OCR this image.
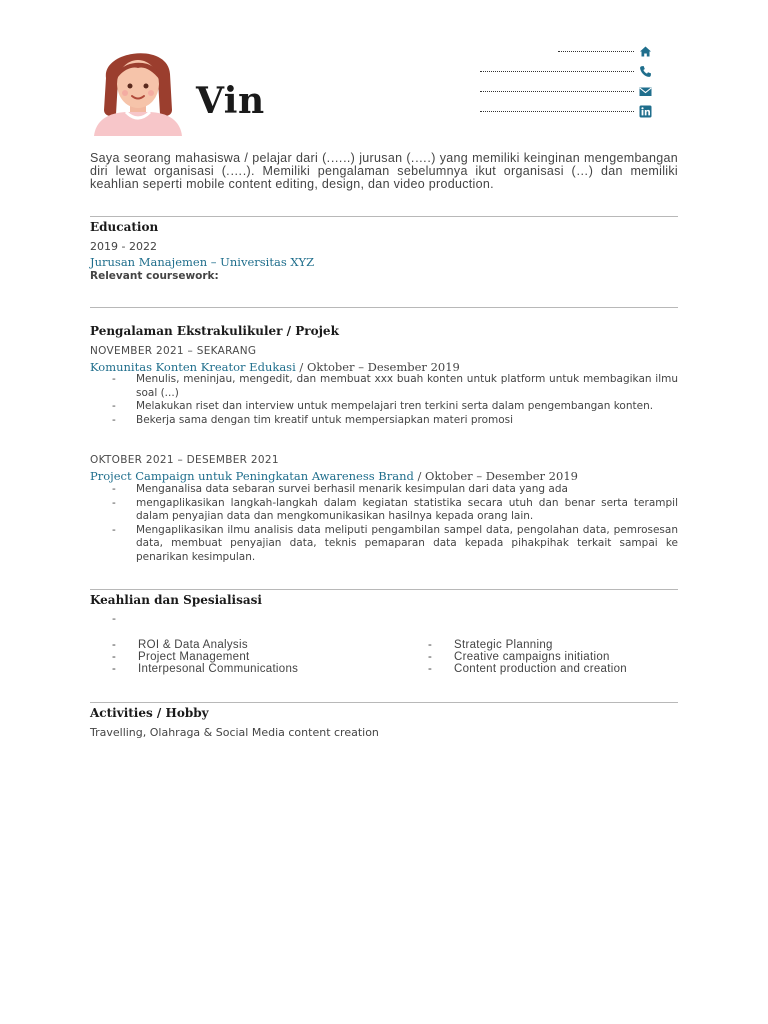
Vin
Saya seorang mahasiswa / pelajar dari (.…..) jurusan (.….) yang memiliki keinginan mengembangan diri lewat organisasi (.….). Memiliki pengalaman sebelumnya ikut organisasi (…) dan memiliki keahlian seperti mobile content editing, design, dan video production.
Education
2019 - 2022
Jurusan Manajemen – Universitas XYZ
Relevant coursework:
Pengalaman Ekstrakulikuler / Projek
NOVEMBER 2021 – SEKARANG
Komunitas Konten Kreator Edukasi / Oktober – Desember 2019
- Menulis, meninjau, mengedit, dan membuat xxx buah konten untuk platform untuk membagikan ilmu soal (...)
- Melakukan riset dan interview untuk mempelajari tren terkini serta dalam pengembangan konten.
- Bekerja sama dengan tim kreatif untuk mempersiapkan materi promosi
OKTOBER 2021 – DESEMBER 2021
Project Campaign untuk Peningkatan Awareness Brand / Oktober – Desember 2019
- Menganalisa data sebaran survei berhasil menarik kesimpulan dari data yang ada
- mengaplikasikan langkah-langkah dalam kegiatan statistika secara utuh dan benar serta terampil dalam penyajian data dan mengkomunikasikan hasilnya kepada orang lain.
- Mengaplikasikan ilmu analisis data meliputi pengambilan sampel data, pengolahan data, pemrosesan data, membuat penyajian data, teknis pemaparan data kepada pihakpihak terkait sampai ke penarikan kesimpulan.
Keahlian dan Spesialisasi
-
- ROI & Data Analysis
- Project Management
- Interpesonal Communications
- Strategic Planning
- Creative campaigns initiation
- Content production and creation
Activities / Hobby
Travelling, Olahraga & Social Media content creation
